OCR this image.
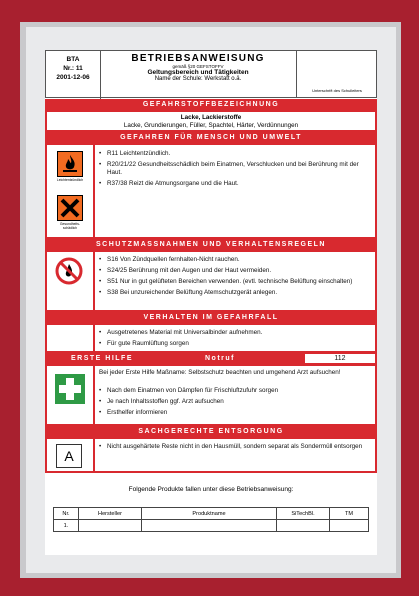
BTA
Nr.: 11
2001-12-06
BETRIEBSANWEISUNG
gemäß §20 GEFSTOFFV
Geltungsbereich und Tätigkeiten
Name der Schule: Werkstatt o.ä.
Unterschrift des Schulleiters
GEFAHRSTOFFBEZEICHNUNG
Lacke, Lackierstoffe
Lacke, Grundierungen, Füller, Spachtel, Härter, Verdünnungen
GEFAHREN FÜR MENSCH UND UMWELT
Leichtentzündlich
Gesundheits-schädlich
• R11 Leichtentzündlich.
• R20/21/22 Gesundheitsschädlich beim Einatmen, Verschlucken und bei Berührung mit der Haut.
• R37/38 Reizt die Atmungsorgane und die Haut.
SCHUTZMASSNAHMEN UND VERHALTENSREGELN
• S16 Von Zündquellen fernhalten-Nicht rauchen.
• S24/25 Berührung mit den Augen und der Haut vermeiden.
• S51 Nur in gut gelüfteten Bereichen verwenden. (evtl. technische Belüftung einschalten)
• S38 Bei unzureichender Belüftung Atemschutzgerät anlegen.
VERHALTEN IM GEFAHRFALL
• Ausgetretenes Material mit Universalbinder aufnehmen.
• Für gute Raumlüftung sorgen
ERSTE HILFE	Notruf	112
Bei jeder Erste Hilfe Maßname: Selbstschutz beachten und umgehend Arzt aufsuchen!
• Nach dem Einatmen von Dämpfen für Frischluftzufuhr sorgen
• Je nach Inhaltsstoffen ggf. Arzt aufsuchen
• Ersthelfer informieren
SACHGERECHTE ENTSORGUNG
A
• Nicht ausgehärtete Reste nicht in den Hausmüll, sondern separat als Sondermüll entsorgen
Folgende Produkte fallen unter diese Betriebsanweisung:
Nr.	Hersteller	Produktname	SiTechBl.	TM
1.				
